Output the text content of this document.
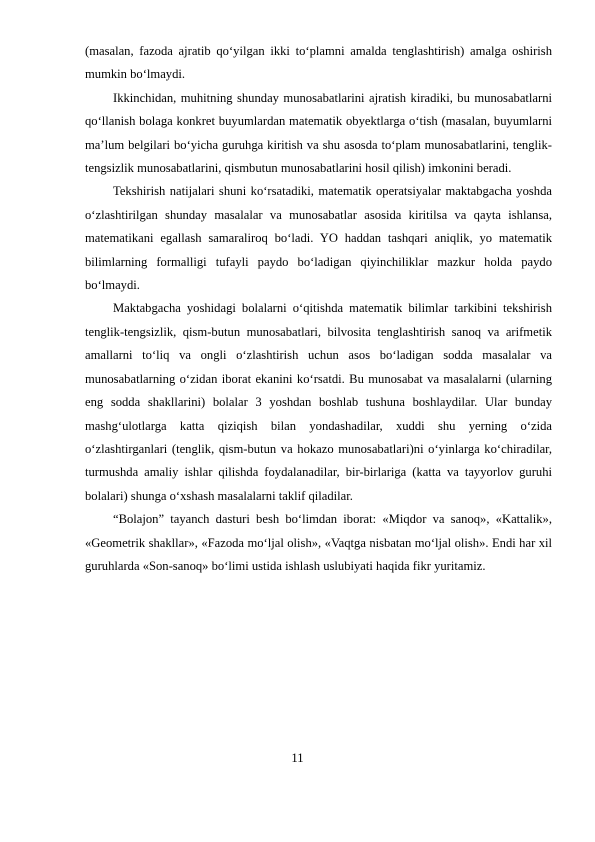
(masalan, fazoda ajratib qo‘yilgan ikki to‘plamni amalda tenglashtirish) amalga oshirish mumkin bo‘lmaydi.

Ikkinchidan, muhitning shunday munosabatlarini ajratish kiradiki, bu munosabatlarni qo‘llanish bolaga konkret buyumlardan matematik obyektlarga o‘tish (masalan, buyumlarni ma’lum belgilari bo‘yicha guruhga kiritish va shu asosda to‘plam munosabatlarini, tenglik-tengsizlik munosabatlarini, qismbutun munosabatlarini hosil qilish) imkonini beradi.

Tekshirish natijalari shuni ko‘rsatadiki, matematik operatsiyalar maktabgacha yoshda o‘zlashtirilgan shunday masalalar va munosabatlar asosida kiritilsa va qayta ishlansa, matematikani egallash samaraliroq bo‘ladi. YO haddan tashqari aniqlik, yo matematik bilimlarning formalligi tufayli paydo bo‘ladigan qiyinchiliklar mazkur holda paydo bo‘lmaydi.

Maktabgacha yoshidagi bolalarni o‘qitishda matematik bilimlar tarkibini tekshirish tenglik-tengsizlik, qism-butun munosabatlari, bilvosita tenglashtirish sanoq va arifmetik amallarni to‘liq va ongli o‘zlashtirish uchun asos bo‘ladigan sodda masalalar va munosabatlarning o‘zidan iborat ekanini ko‘rsatdi. Bu munosabat va masalalarni (ularning eng sodda shakllarini) bolalar 3 yoshdan boshlab tushuna boshlaydilar. Ular bunday mashg‘ulotlarga katta qiziqish bilan yondashadilar, xuddi shu yerning o‘zida o‘zlashtirganlari (tenglik, qism-butun va hokazo munosabatlari)ni o‘yinlarga ko‘chiradilar, turmushda amaliy ishlar qilishda foydalanadilar, bir-birlariga (katta va tayyorlov guruhi bolalari) shunga o‘xshash masalalarni taklif qiladilar.

“Bolajon” tayanch dasturi besh bo‘limdan iborat: «Miqdor va sanoq», «Kattalik», «Geometrik shakllar», «Fazoda mo‘ljal olish», «Vaqtga nisbatan mo‘ljal olish». Endi har xil guruhlarda «Son-sanoq» bo‘limi ustida ishlash uslubiyati haqida fikr yuritamiz.

11
